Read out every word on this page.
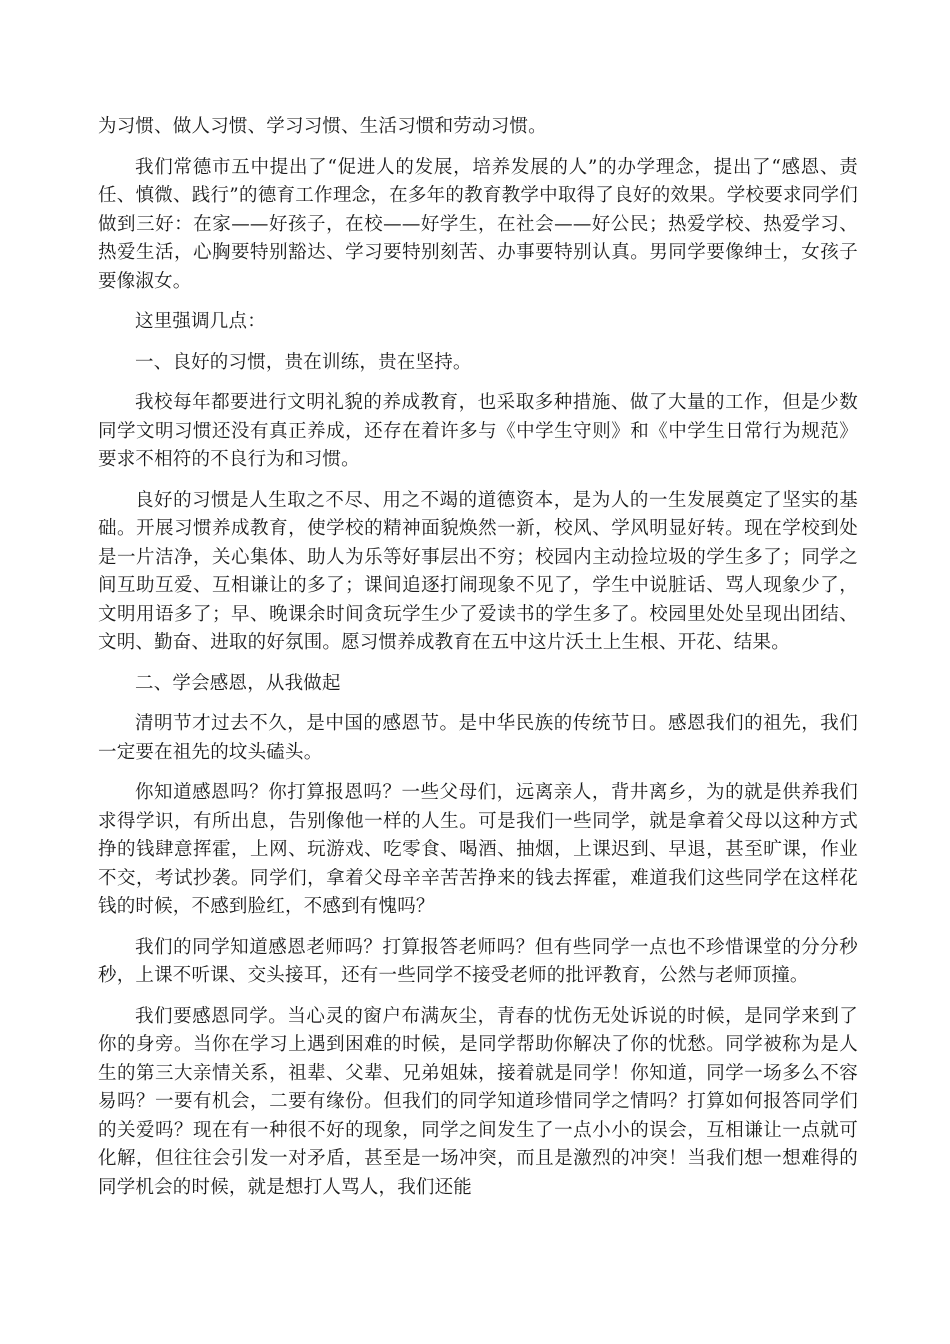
为习惯、做人习惯、学习习惯、生活习惯和劳动习惯。

我们常德市五中提出了“促进人的发展，培养发展的人”的办学理念，提出了“感恩、责任、慎微、践行”的德育工作理念，在多年的教育教学中取得了良好的效果。学校要求同学们做到三好：在家——好孩子，在校——好学生，在社会——好公民；热爱学校、热爱学习、热爱生活，心胸要特别豁达、学习要特别刻苦、办事要特别认真。男同学要像绅士，女孩子要像淑女。

这里强调几点：

一、良好的习惯，贵在训练，贵在坚持。

我校每年都要进行文明礼貌的养成教育，也采取多种措施、做了大量的工作，但是少数同学文明习惯还没有真正养成，还存在着许多与《中学生守则》和《中学生日常行为规范》要求不相符的不良行为和习惯。

良好的习惯是人生取之不尽、用之不竭的道德资本，是为人的一生发展奠定了坚实的基础。开展习惯养成教育，使学校的精神面貌焕然一新，校风、学风明显好转。现在学校到处是一片洁净，关心集体、助人为乐等好事层出不穷；校园内主动捡垃圾的学生多了；同学之间互助互爱、互相谦让的多了；课间追逐打闹现象不见了，学生中说脏话、骂人现象少了，文明用语多了；早、晚课余时间贪玩学生少了爱读书的学生多了。校园里处处呈现出团结、文明、勤奋、进取的好氛围。愿习惯养成教育在五中这片沃土上生根、开花、结果。

二、学会感恩，从我做起

清明节才过去不久，是中国的感恩节。是中华民族的传统节日。感恩我们的祖先，我们一定要在祖先的坟头磕头。

你知道感恩吗？你打算报恩吗？一些父母们，远离亲人，背井离乡，为的就是供养我们求得学识，有所出息，告别像他一样的人生。可是我们一些同学，就是拿着父母以这种方式挣的钱肆意挥霍，上网、玩游戏、吃零食、喝酒、抽烟，上课迟到、早退，甚至旷课，作业不交，考试抄袭。同学们，拿着父母辛辛苦苦挣来的钱去挥霍，难道我们这些同学在这样花钱的时候，不感到脸红，不感到有愧吗？

我们的同学知道感恩老师吗？打算报答老师吗？但有些同学一点也不珍惜课堂的分分秒秒，上课不听课、交头接耳，还有一些同学不接受老师的批评教育，公然与老师顶撞。

我们要感恩同学。当心灵的窗户布满灰尘，青春的忧伤无处诉说的时候，是同学来到了你的身旁。当你在学习上遇到困难的时候，是同学帮助你解决了你的忧愁。同学被称为是人生的第三大亲情关系，祖辈、父辈、兄弟姐妹，接着就是同学！你知道，同学一场多么不容易吗？一要有机会，二要有缘份。但我们的同学知道珍惜同学之情吗？打算如何报答同学们的关爱吗？现在有一种很不好的现象，同学之间发生了一点小小的误会，互相谦让一点就可化解，但往往会引发一对矛盾，甚至是一场冲突，而且是激烈的冲突！当我们想一想难得的同学机会的时候，就是想打人骂人，我们还能
